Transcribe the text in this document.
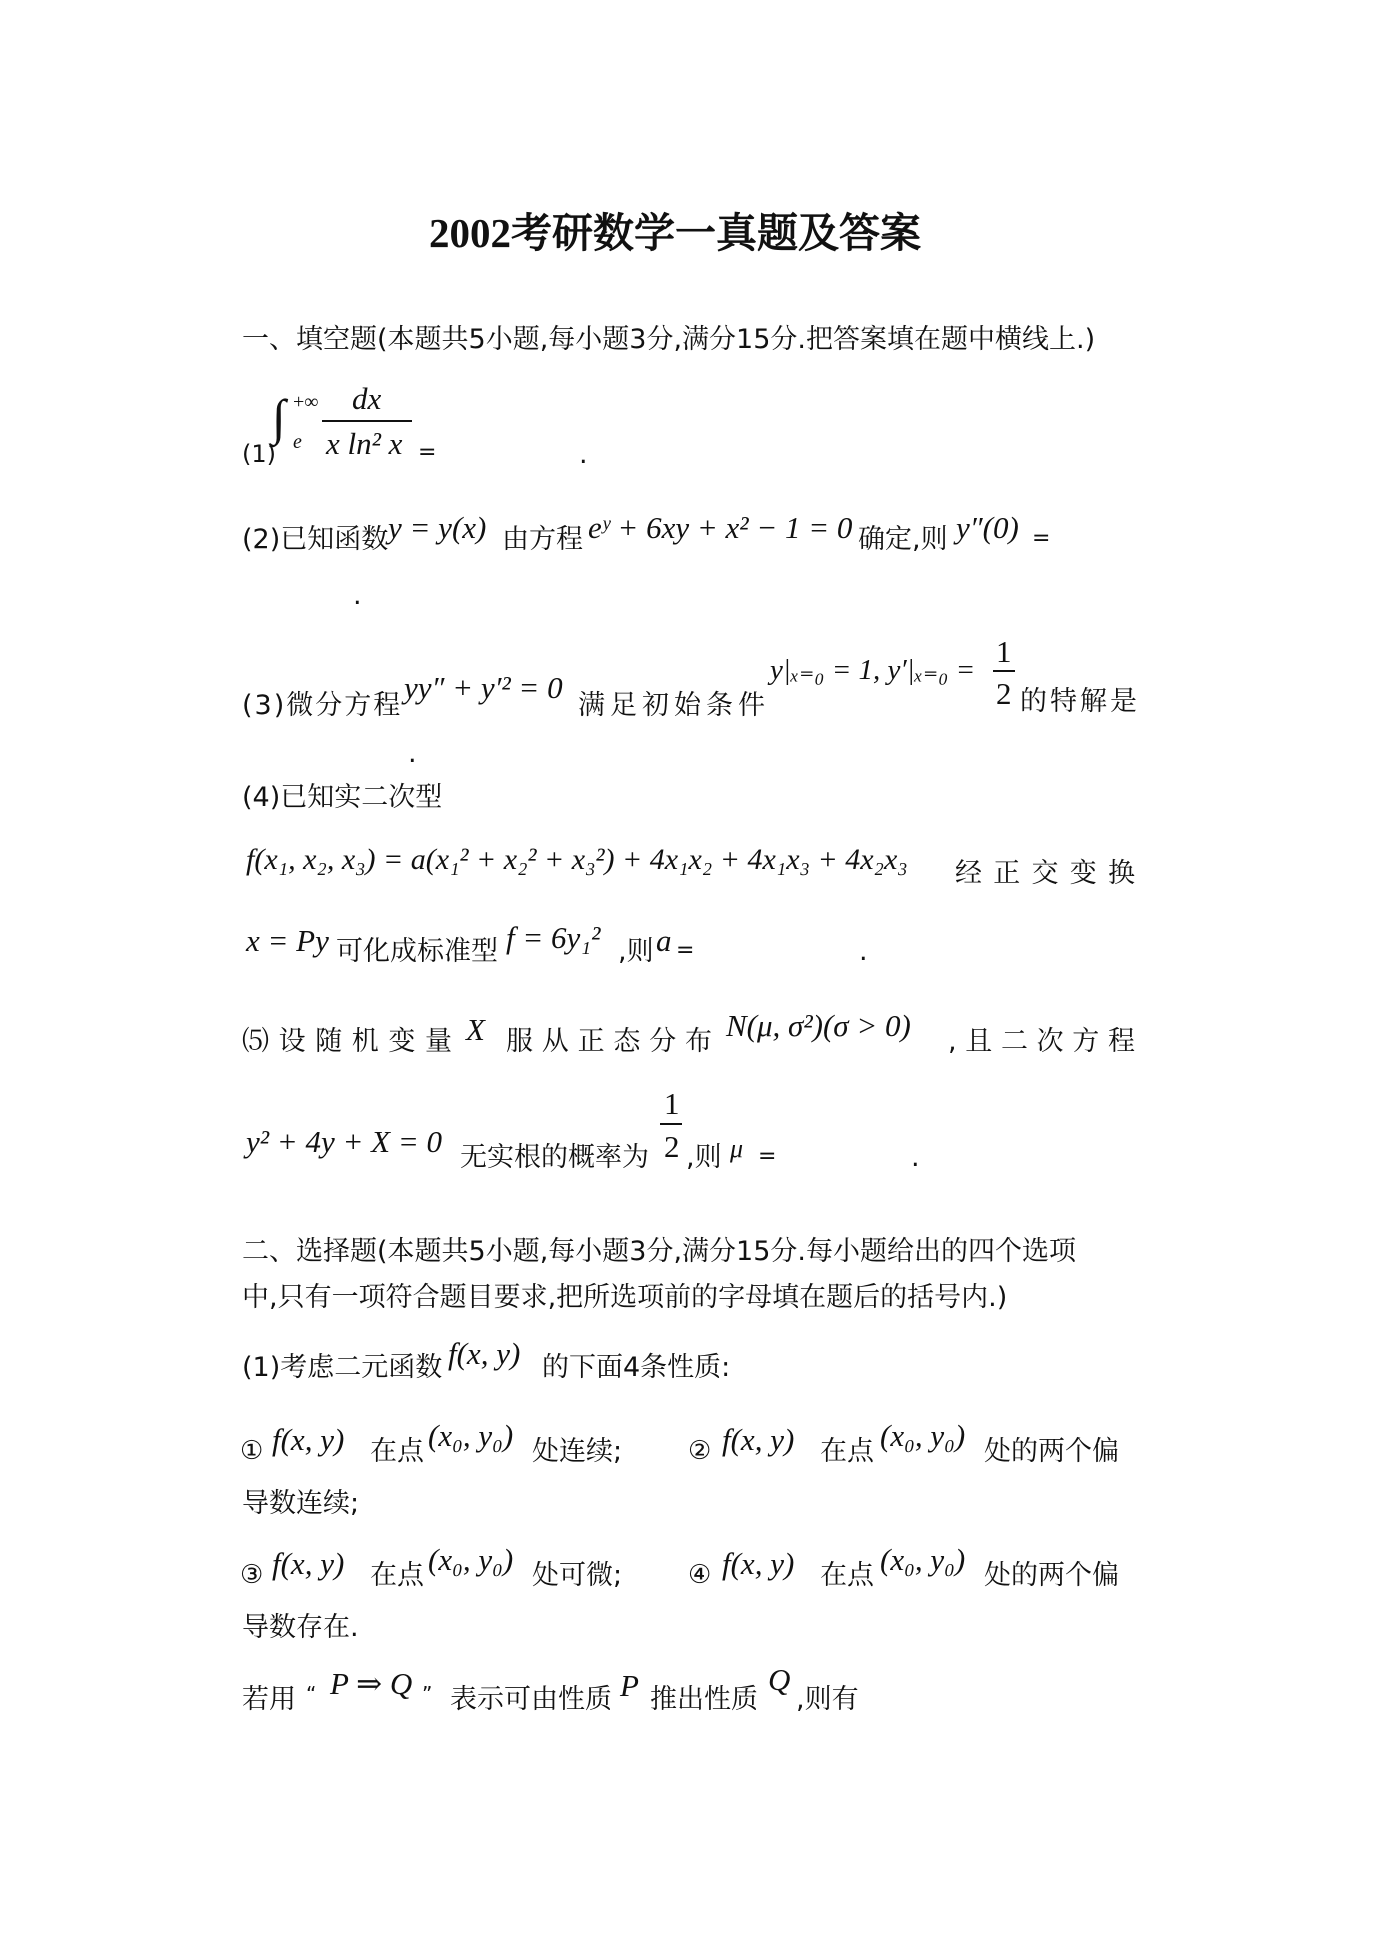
2002考研数学一真题及答案
一、填空题(本题共5小题,每小题3分,满分15分.把答案填在题中横线上.)
∫ +∞
e
dx
x ln² x
(1)	=	.
(2)已知函数 y = y(x) 由方程 eʸ + 6xy + x² − 1 = 0 确定,则 y″(0) =
.
(3)微分方程
yy″ + y′² = 0
满足初始条件
y|ₓ₌₀ = 1, y′|ₓ₌₀ =
1
2 的特解是
.
(4)已知实二次型
f(x₁, x₂, x₃) = a(x₁² + x₂² + x₃²) + 4x₁x₂ + 4x₁x₃ + 4x₂x₃ 经 正 交 变 换
x = Py 可化成标准型 f = 6y₁² ,则 a =	.
⑸ 设 随 机 变 量 X 服 从 正 态 分 布 N(μ, σ²)(σ > 0) , 且 二 次 方 程
y² + 4y + X = 0 无实根的概率为
1
2 ,则 μ =	.
二、选择题(本题共5小题,每小题3分,满分15分.每小题给出的四个选项
中,只有一项符合题目要求,把所选项前的字母填在题后的括号内.)
(1)考虑二元函数 f(x, y) 的下面4条性质:
① f(x, y) 在点 (x₀, y₀) 处连续;	② f(x, y) 在点 (x₀, y₀) 处的两个偏
导数连续;
③ f(x, y) 在点 (x₀, y₀) 处可微;	④ f(x, y) 在点 (x₀, y₀) 处的两个偏
导数存在.
若用 “ P ⇒ Q ” 表示可由性质 P 推出性质
Q
,则有
